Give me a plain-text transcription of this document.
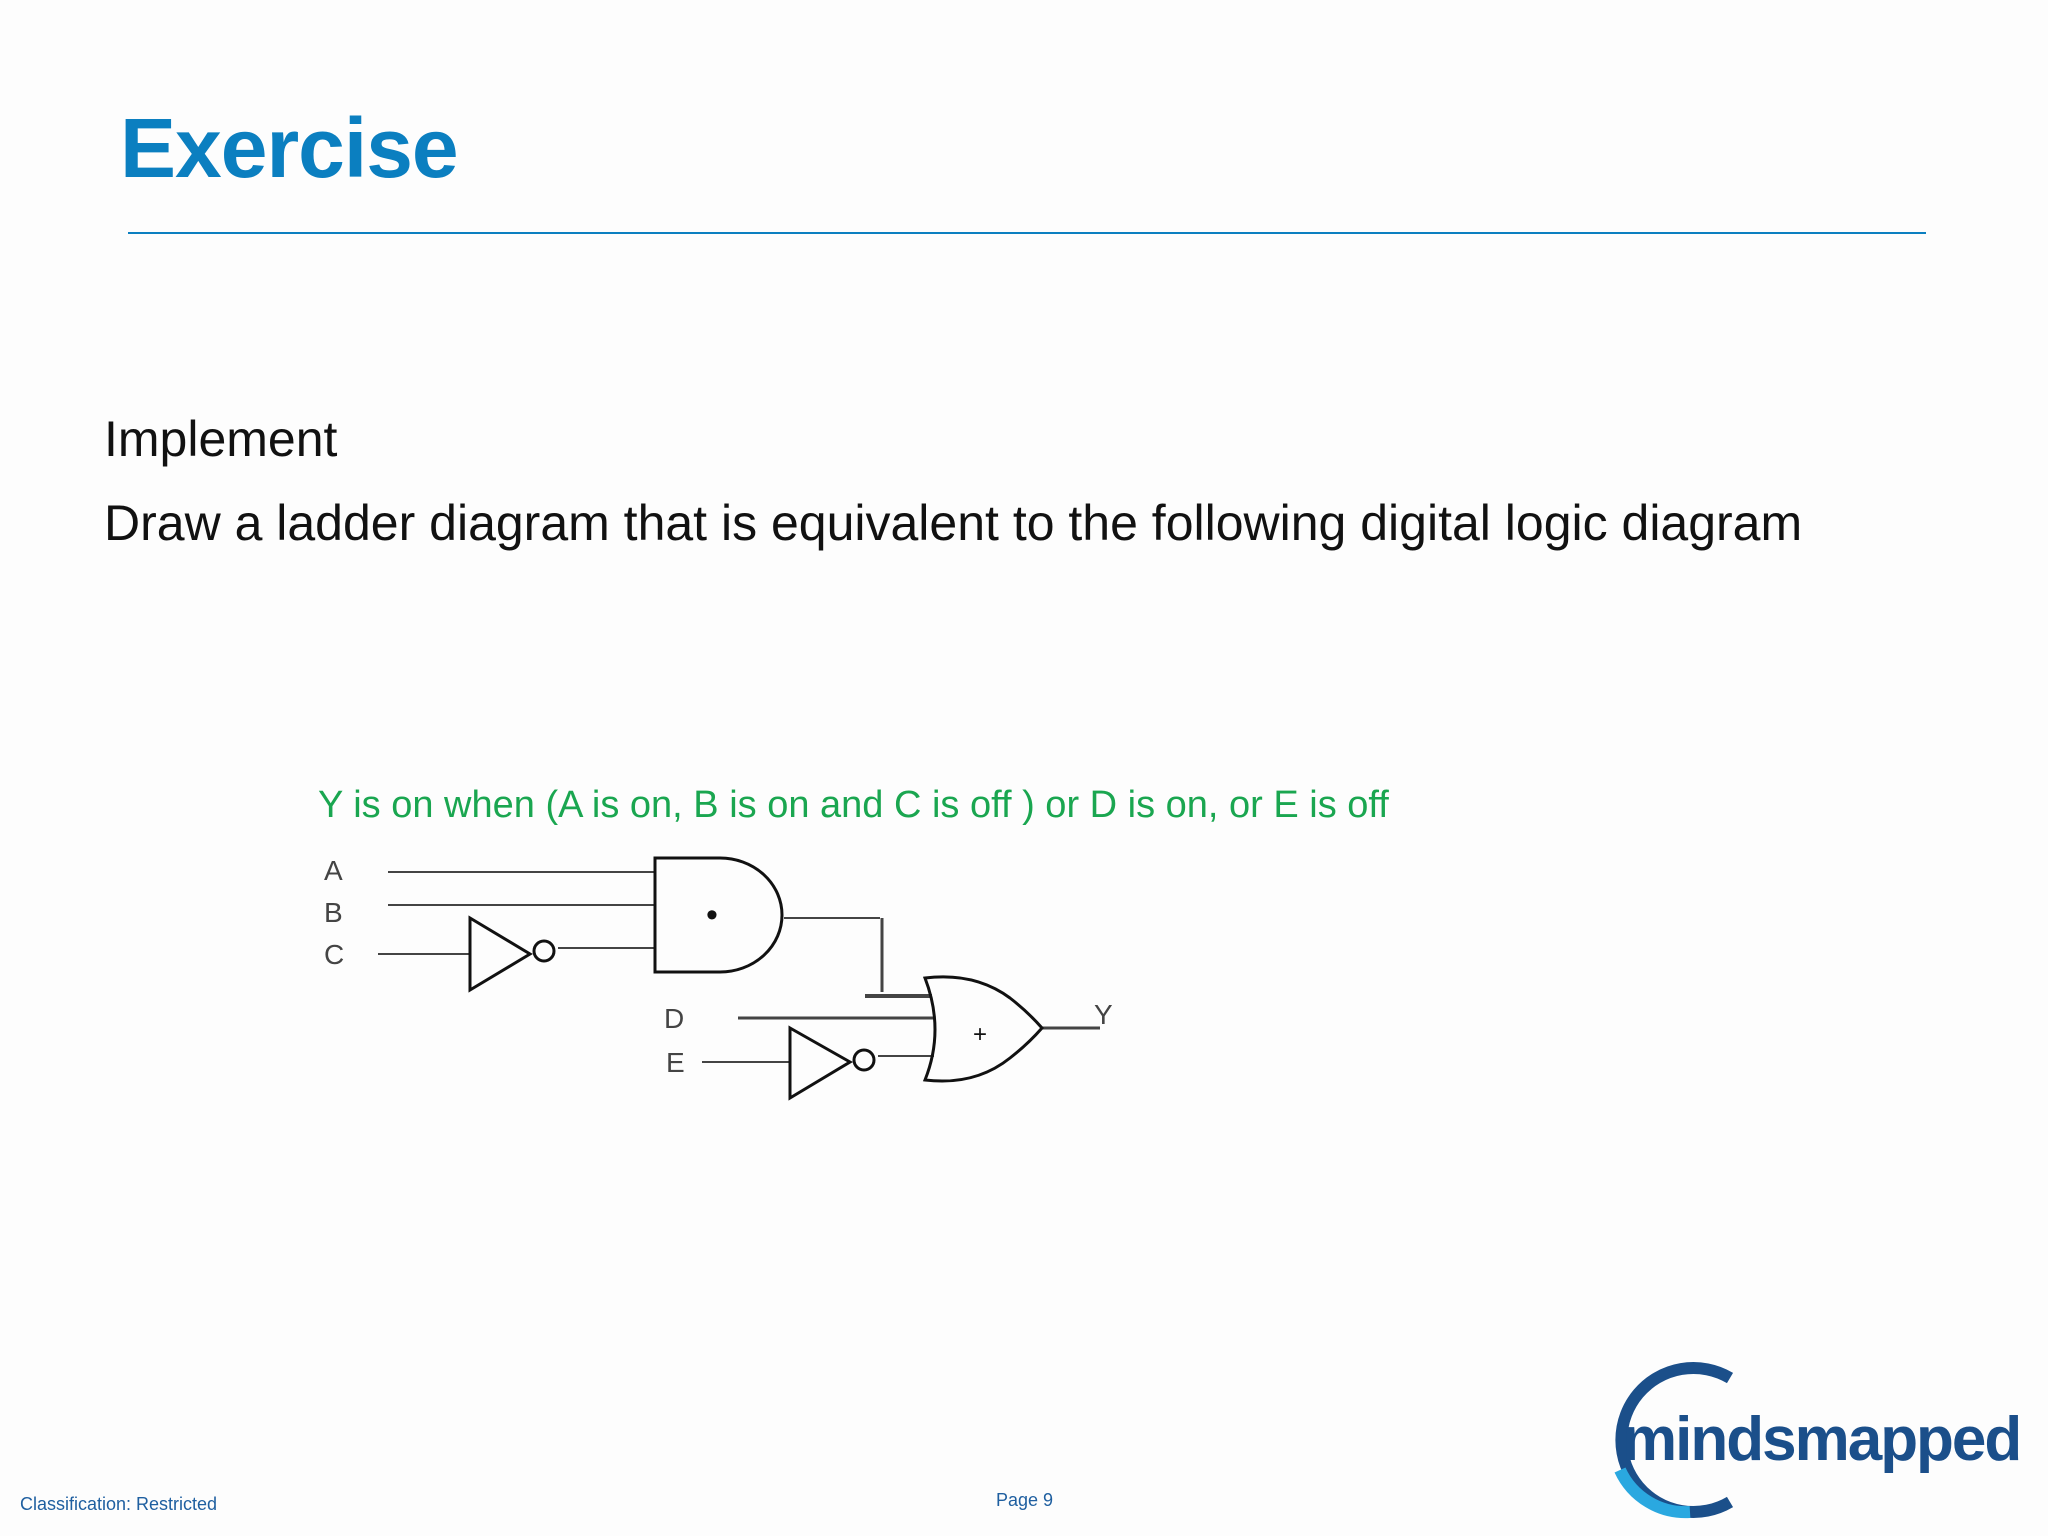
Exercise

Implement

Draw a ladder diagram that is equivalent to the following digital logic diagram

Y is on when (A is on, B is on and C is off ) or D is on, or E is off
•
+
A
B
C
D
E
Y
Classification: Restricted	Page 9
mindsmapped
